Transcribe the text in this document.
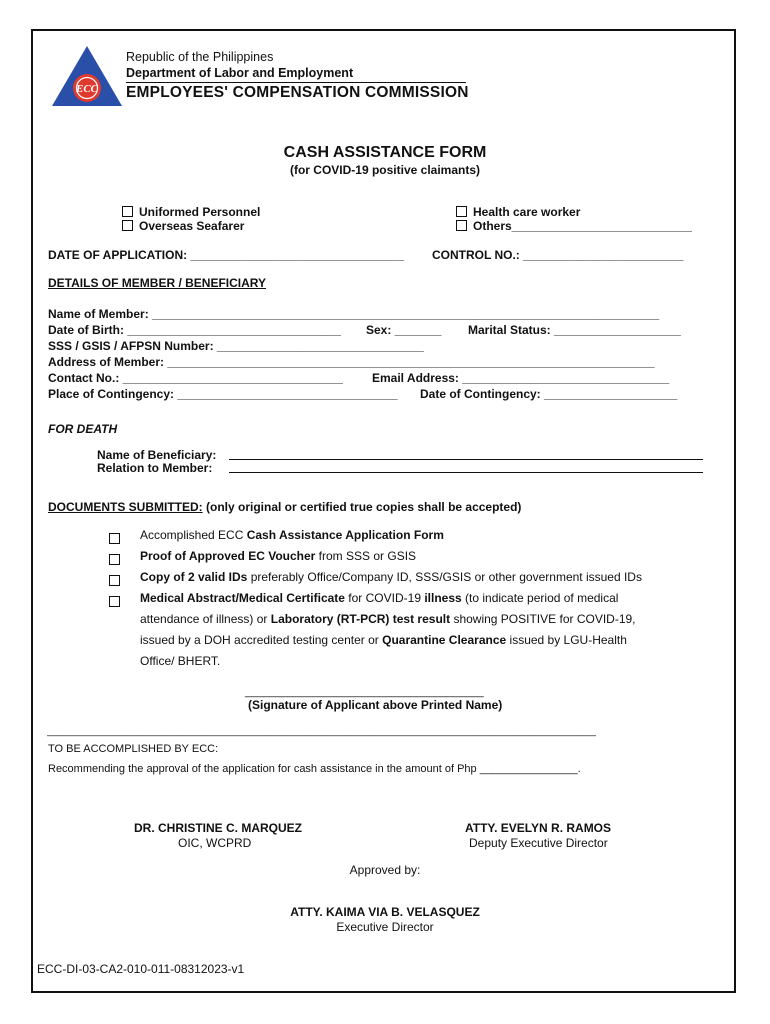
ECC
Republic of the Philippines
Department of Labor and Employment
EMPLOYEES' COMPENSATION COMMISSION
CASH ASSISTANCE FORM
(for COVID-19 positive claimants)
Uniformed Personnel
Overseas Seafarer
Health care worker
Others___________________________
DATE OF APPLICATION: ________________________________ CONTROL NO.: ________________________
DETAILS OF MEMBER / BENEFICIARY
Name of Member: ____________________________________________________________________________
Date of Birth: ________________________________ Sex: _______ Marital Status: ___________________
SSS / GSIS / AFPSN Number: _______________________________
Address of Member: _________________________________________________________________________
Contact No.: _________________________________ Email Address: _______________________________
Place of Contingency: _________________________________ Date of Contingency: ____________________
FOR DEATH
Name of Beneficiary:
Relation to Member:
DOCUMENTS SUBMITTED: (only original or certified true copies shall be accepted)
Accomplished ECC Cash Assistance Application Form
Proof of Approved EC Voucher from SSS or GSIS
Copy of 2 valid IDs preferably Office/Company ID, SSS/GSIS or other government issued IDs
Medical Abstract/Medical Certificate for COVID-19 illness (to indicate period of medical
attendance of illness) or Laboratory (RT-PCR) test result showing POSITIVE for COVID-19,
issued by a DOH accredited testing center or Quarantine Clearance issued by LGU-Health
Office/ BHERT.
_______________________________________
(Signature of Applicant above Printed Name)
______________________________________________________________________________________________
TO BE ACCOMPLISHED BY ECC:
Recommending the approval of the application for cash assistance in the amount of Php ________________.
DR. CHRISTINE C. MARQUEZ
OIC, WCPRD
ATTY. EVELYN R. RAMOS
Deputy Executive Director
Approved by:
ATTY. KAIMA VIA B. VELASQUEZ
Executive Director
ECC-DI-03-CA2-010-011-08312023-v1
